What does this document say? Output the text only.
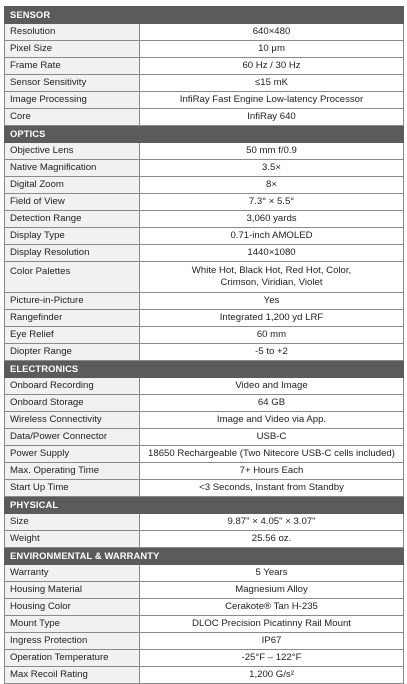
SENSOR	
Resolution	640×480
Pixel Size	10 μm
Frame Rate	60 Hz / 30 Hz
Sensor Sensitivity	≤15 mK
Image Processing	InfiRay Fast Engine Low-latency Processor
Core	InfiRay 640
OPTICS	
Objective Lens	50 mm f/0.9
Native Magnification	3.5×
Digital Zoom	8×
Field of View	7.3° × 5.5°
Detection Range	3,060 yards
Display Type	0.71-inch AMOLED
Display Resolution	1440×1080
Color Palettes	White Hot, Black Hot, Red Hot, Color,
Crimson, Viridian, Violet

Picture-in-Picture	Yes
Rangefinder	Integrated 1,200 yd LRF
Eye Relief	60 mm
Diopter Range	-5 to +2
ELECTRONICS	
Onboard Recording	Video and Image
Onboard Storage	64 GB
Wireless Connectivity	Image and Video via App.
Data/Power Connector	USB-C
Power Supply	18650 Rechargeable (Two Nitecore USB-C cells included)
Max. Operating Time	7+ Hours Each
Start Up Time	<3 Seconds, Instant from Standby
PHYSICAL	
Size	9.87" × 4.05" × 3.07"
Weight	25.56 oz.
ENVIRONMENTAL & WARRANTY	
Warranty	5 Years
Housing Material	Magnesium Alloy
Housing Color	Cerakote® Tan H-235
Mount Type	DLOC Precision Picatinny Rail Mount
Ingress Protection	IP67
Operation Temperature	-25°F – 122°F
Max Recoil Rating	1,200 G/s²
